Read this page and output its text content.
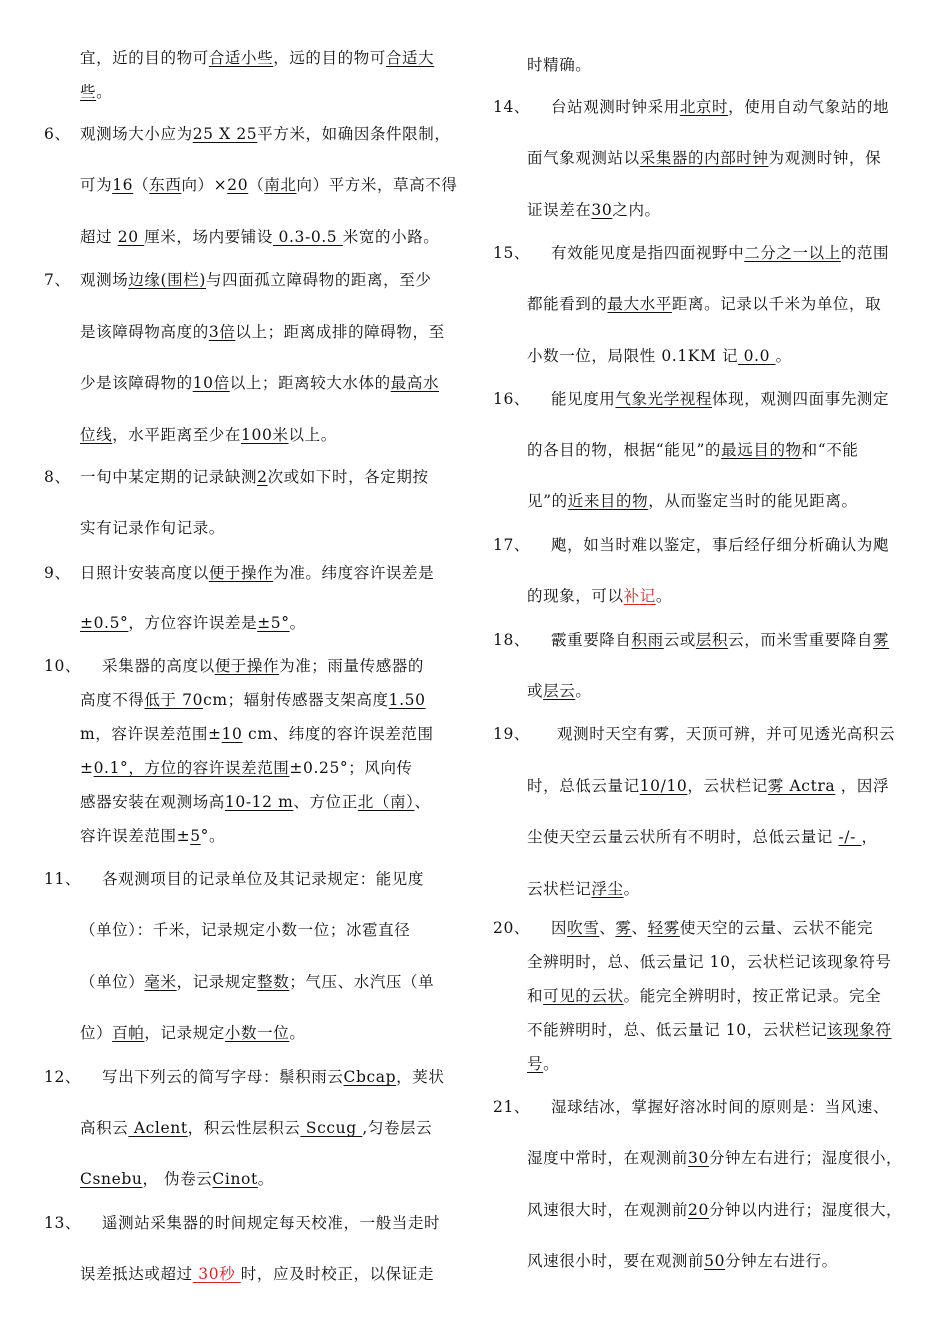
宜，近的目的物可合适小些，远的目的物可合适大
些。
6、 观测场大小应为25 X 25平方米，如确因条件限制，
可为16（东西向）×20（南北向）平方米，草高不得
超过 20 厘米，场内要铺设 0.3-0.5 米宽的小路。
7、 观测场边缘(围栏)与四面孤立障碍物的距离，至少
是该障碍物高度的3倍以上；距离成排的障碍物，至
少是该障碍物的10倍以上；距离较大水体的最高水
位线，水平距离至少在100米以上。
8、 一旬中某定期的记录缺测2次或如下时，各定期按
实有记录作旬记录。
9、 日照计安装高度以便于操作为准。纬度容许误差是
±0.5°，方位容许误差是±5°。
10、 采集器的高度以便于操作为准；雨量传感器的
高度不得低于 70cm；辐射传感器支架高度1.50
m，容许误差范围±10 cm、纬度的容许误差范围
±0.1°，方位的容许误差范围±0.25°；风向传
感器安装在观测场高10-12 m、方位正北（南）、
容许误差范围±5°。
11、 各观测项目的记录单位及其记录规定：能见度
（单位）：千米，记录规定小数一位；冰雹直径
（单位）毫米，记录规定整数；气压、水汽压（单
位）百帕，记录规定小数一位。
12、 写出下列云的简写字母：鬃积雨云Cbcap，荚状
高积云 Aclent，积云性层积云 Sccug ,匀卷层云
Csnebu， 伪卷云Cinot。
13、 遥测站采集器的时间规定每天校准，一般当走时
误差抵达或超过 30秒 时，应及时校正，以保证走
时精确。
14、 台站观测时钟采用北京时，使用自动气象站的地
面气象观测站以采集器的内部时钟为观测时钟，保
证误差在30之内。
15、 有效能见度是指四面视野中二分之一以上的范围
都能看到的最大水平距离。记录以千米为单位，取
小数一位，局限性 0.1KM 记 0.0 。
16、 能见度用气象光学视程体现，观测四面事先测定
的各目的物，根据“能见”的最远目的物和“不能
见”的近来目的物，从而鉴定当时的能见距离。
17、 飑，如当时难以鉴定，事后经仔细分析确认为飑
的现象，可以补记。
18、 霰重要降自积雨云或层积云，而米雪重要降自雾
或层云。
19、 观测时天空有雾，天顶可辨，并可见透光高积云
时，总低云量记10/10，云状栏记雾 Actra ，因浮
尘使天空云量云状所有不明时，总低云量记 -/- ，
云状栏记浮尘。
20、 因吹雪、雾、轻雾使天空的云量、云状不能完
全辨明时，总、低云量记 10，云状栏记该现象符号
和可见的云状。能完全辨明时，按正常记录。完全
不能辨明时，总、低云量记 10，云状栏记该现象符
号。
21、 湿球结冰，掌握好溶冰时间的原则是：当风速、
湿度中常时，在观测前30分钟左右进行；湿度很小，
风速很大时，在观测前20分钟以内进行；湿度很大，
风速很小时，要在观测前50分钟左右进行。
